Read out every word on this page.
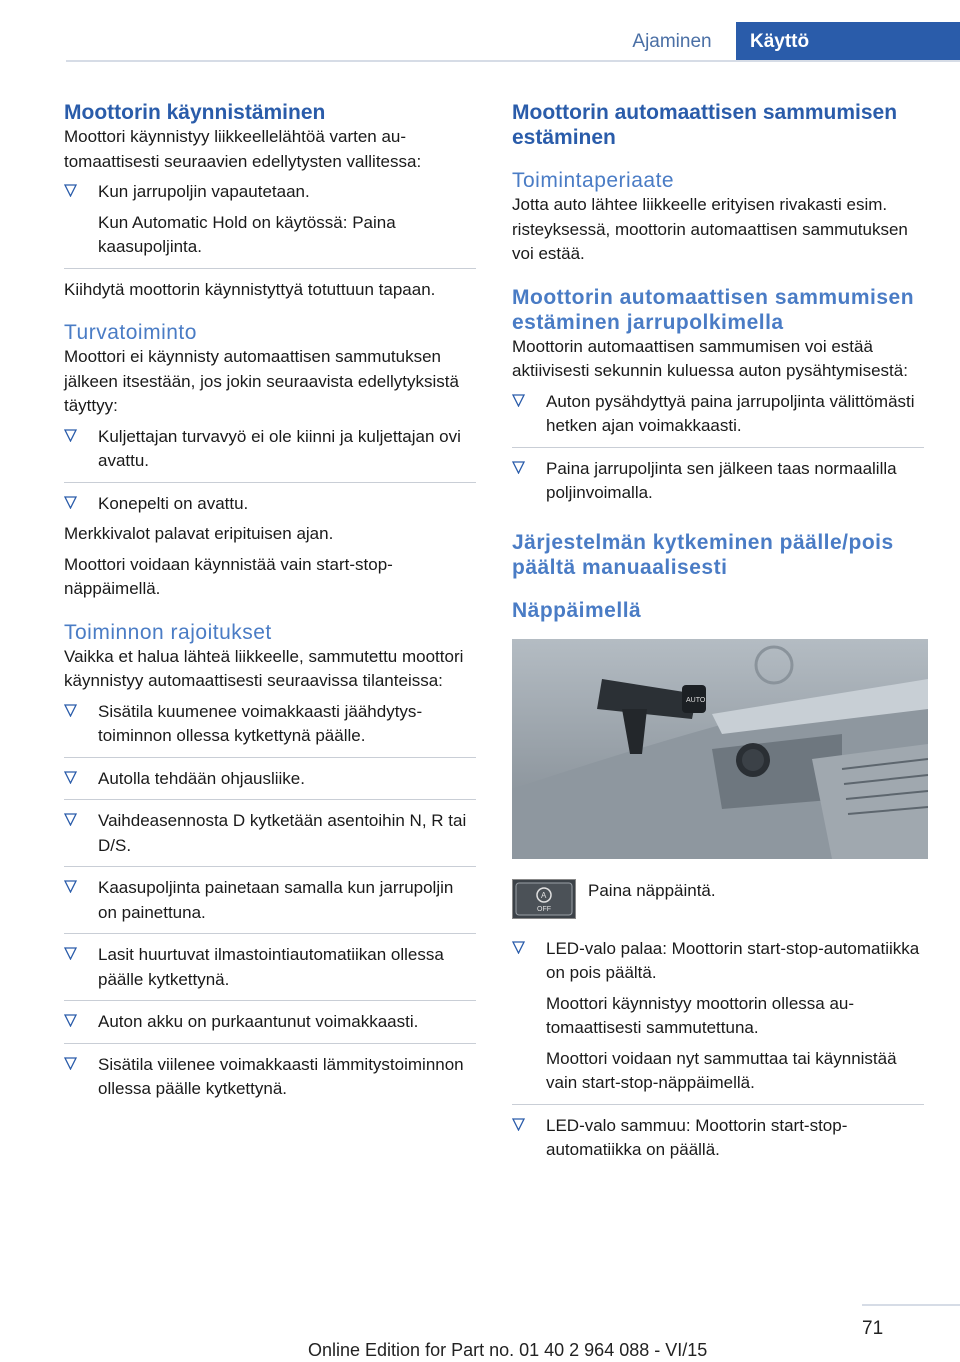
Ajaminen	Käyttö
Moottorin käynnistäminen

Moottori käynnistyy liikkeellelähtöä varten automaattisesti seuraavien edellytysten vallitessa:

Kun jarrupoljin vapautetaan.
Kun Automatic Hold on käytössä: Paina kaasupoljinta.

Kiihdytä moottorin käynnistyttyä totuttuun tapaan.

Turvatoiminto

Moottori ei käynnisty automaattisen sammutuksen jälkeen itsestään, jos jokin seuraavista edellytyksistä täyttyy:

Kuljettajan turvavyö ei ole kiinni ja kuljettajan ovi avattu.
Konepelti on avattu.

Merkkivalot palavat eripituisen ajan.

Moottori voidaan käynnistää vain start-stop-näppäimellä.

Toiminnon rajoitukset

Vaikka et halua lähteä liikkeelle, sammutettu moottori käynnistyy automaattisesti seuraavissa tilanteissa:

Sisätila kuumenee voimakkaasti jäähdytystoiminnon ollessa kytkettynä päälle.
Autolla tehdään ohjausliike.
Vaihdeasennosta D kytketään asentoihin N, R tai D/S.
Kaasupoljinta painetaan samalla kun jarrupoljin on painettuna.
Lasit huurtuvat ilmastointiautomatiikan ollessa päälle kytkettynä.
Auton akku on purkaantunut voimakkaasti.
Sisätila viilenee voimakkaasti lämmitystoiminnon ollessa päälle kytkettynä.
Moottorin automaattisen sammumisen estäminen
Toimintaperiaate

Jotta auto lähtee liikkeelle erityisen rivakasti esim. risteyksessä, moottorin automaattisen sammutuksen voi estää.

Moottorin automaattisen sammumisen estäminen jarrupolkimella

Moottorin automaattisen sammumisen voi estää aktiivisesti sekunnin kuluessa auton pysähtymisestä:

Auton pysähdyttyä paina jarrupoljinta välittömästi hetken ajan voimakkaasti.
Paina jarrupoljinta sen jälkeen taas normaalilla poljinvoimalla.
Järjestelmän kytkeminen päälle/pois päältä manuaalisesti
Näppäimellä
AUTO
A
OFF

Paina näppäintä.

LED-valo palaa: Moottorin start-stop-automatiikka on pois päältä.
Moottori käynnistyy moottorin ollessa automaattisesti sammutettuna.
Moottori voidaan nyt sammuttaa tai käynnistää vain start-stop-näppäimellä.
LED-valo sammuu: Moottorin start-stop-automatiikka on päällä.
71
Online Edition for Part no. 01 40 2 964 088 - VI/15
